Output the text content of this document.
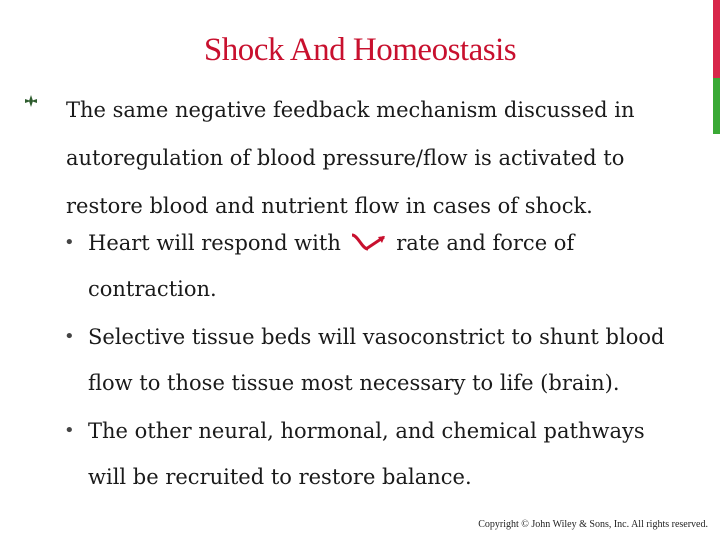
Shock And Homeostasis
The same negative feedback mechanism discussed in autoregulation of blood pressure/flow is activated to restore blood and nutrient flow in cases of shock.
• Heart will respond with  rate and force of contraction.
• Selective tissue beds will vasoconstrict to shunt blood flow to those tissue most necessary to life (brain).
• The other neural, hormonal, and chemical pathways will be recruited to restore balance.
Copyright © John Wiley & Sons, Inc. All rights reserved.
